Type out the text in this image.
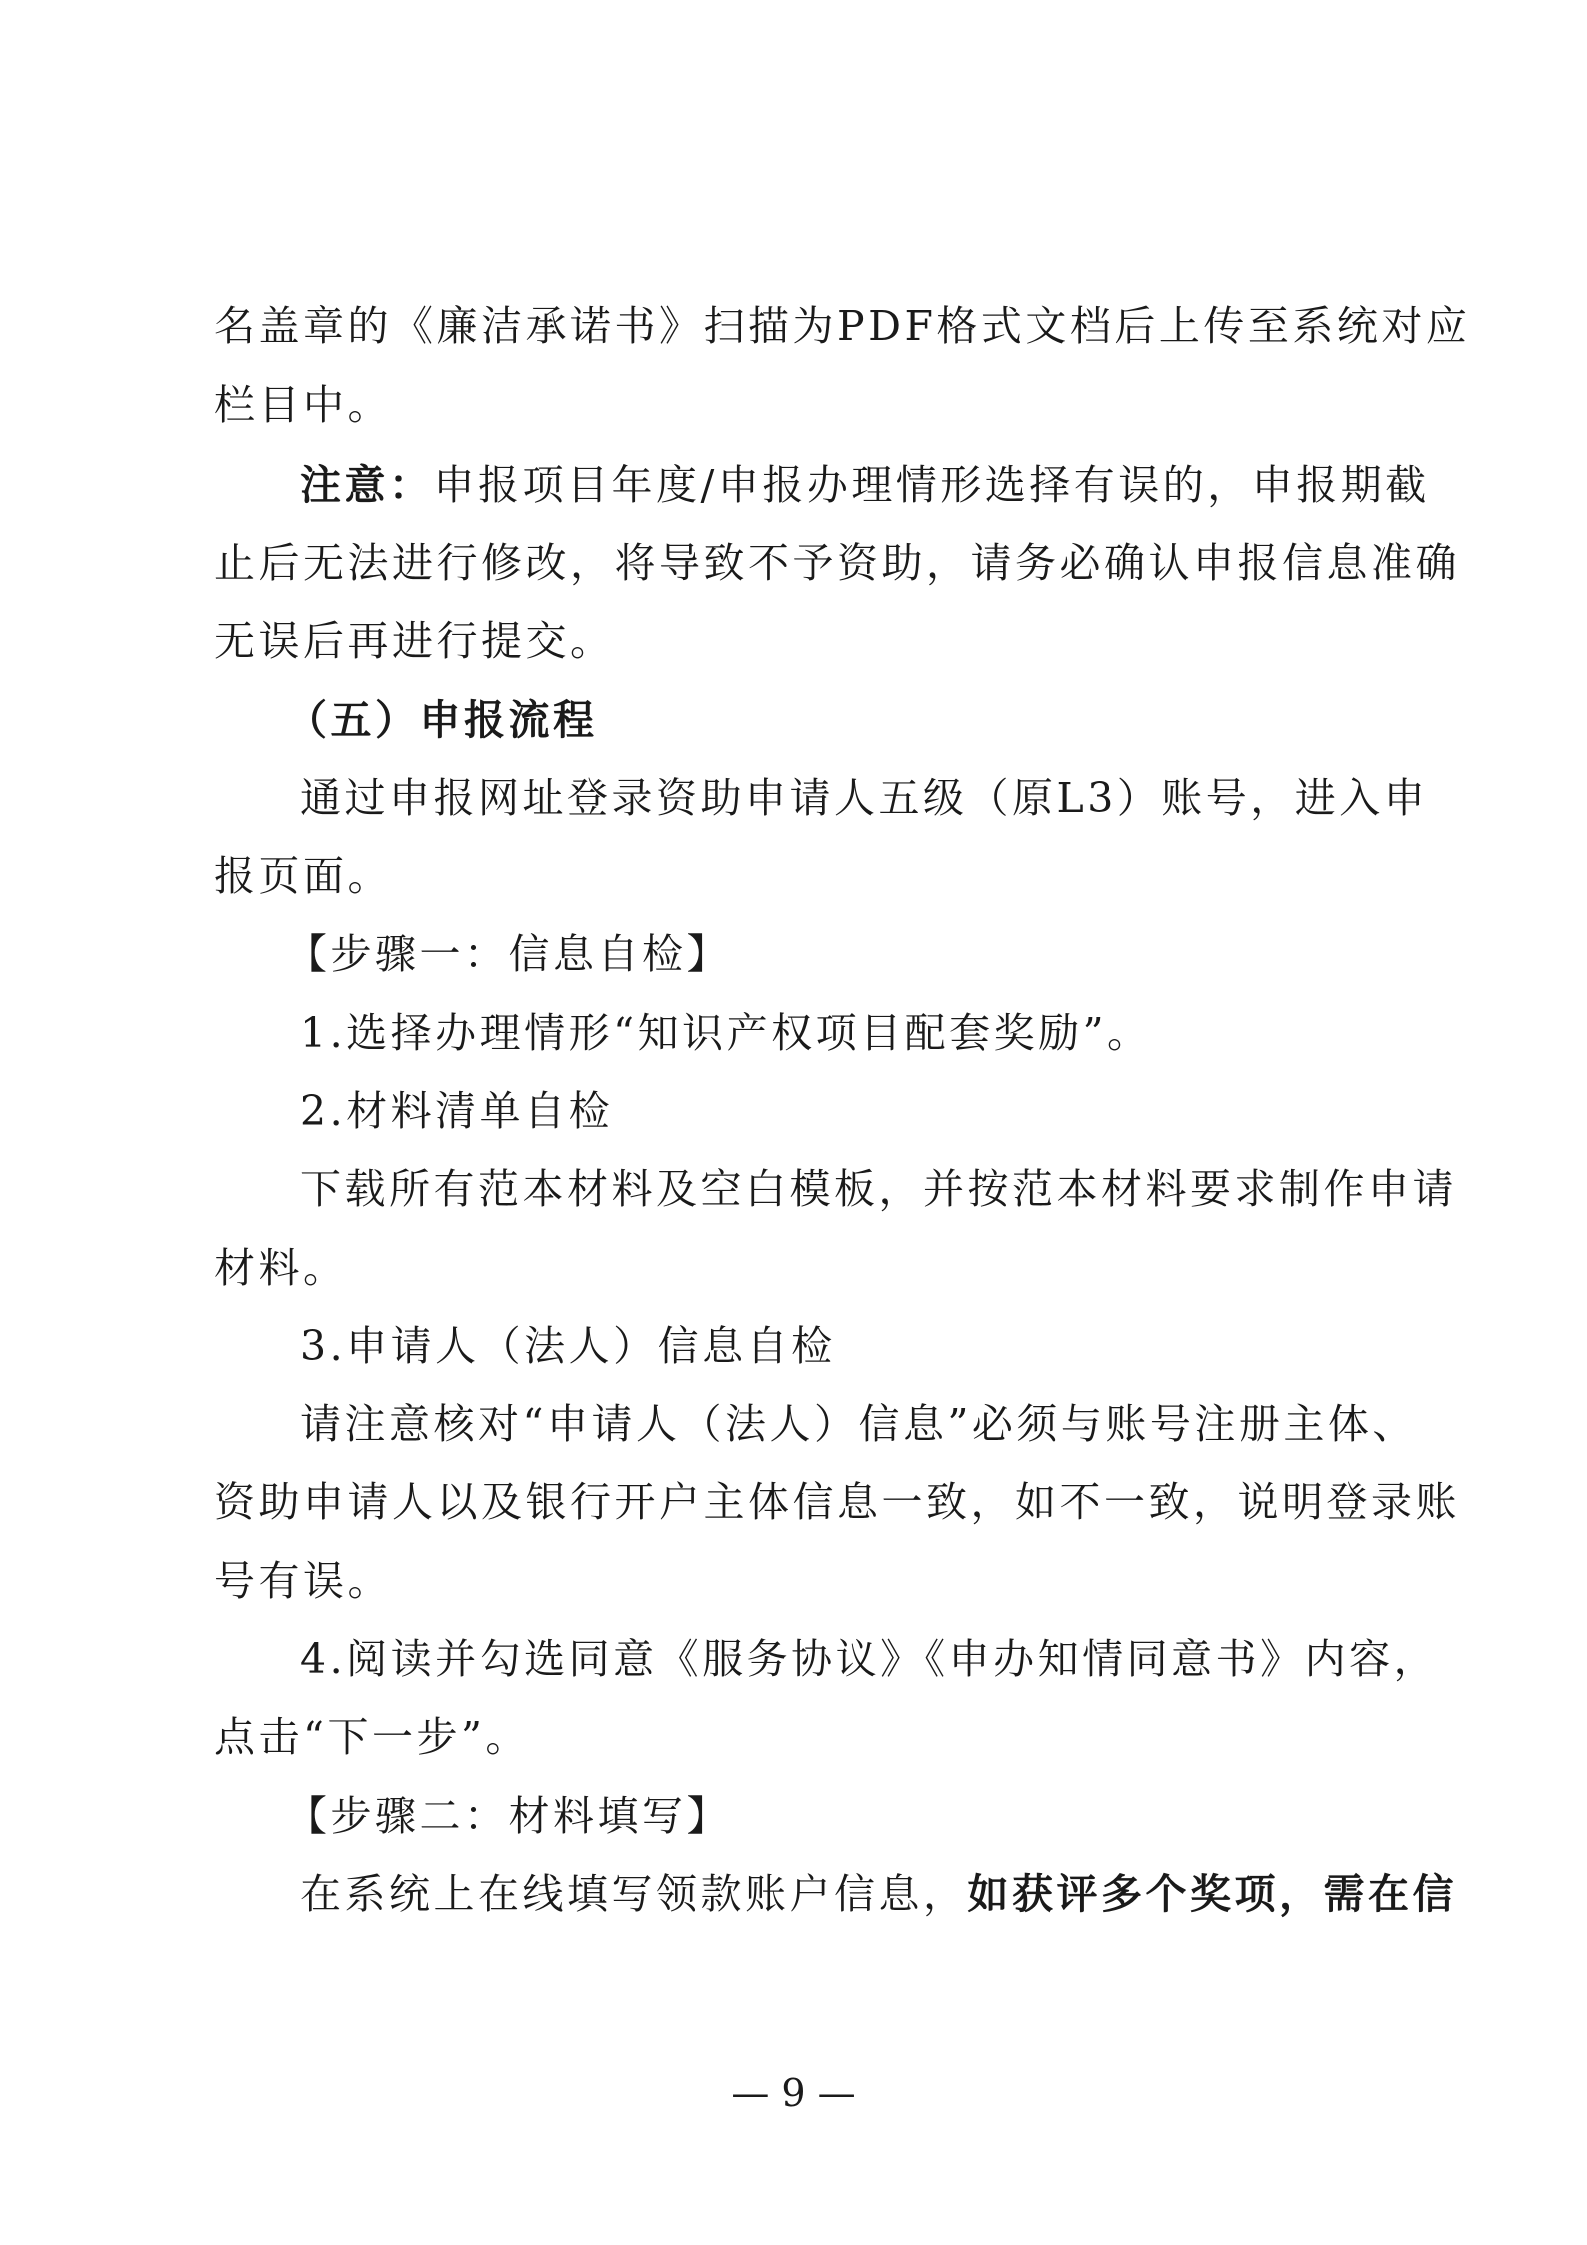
名盖章的《廉洁承诺书》扫描为PDF格式文档后上传至系统对应
栏目中。
注意：申报项目年度/申报办理情形选择有误的，申报期截
止后无法进行修改，将导致不予资助，请务必确认申报信息准确
无误后再进行提交。
（五）申报流程
通过申报网址登录资助申请人五级（原L3）账号，进入申
报页面。
【步骤一：信息自检】
1.选择办理情形“知识产权项目配套奖励”。
2.材料清单自检
下载所有范本材料及空白模板，并按范本材料要求制作申请
材料。
3.申请人（法人）信息自检
请注意核对“申请人（法人）信息”必须与账号注册主体、
资助申请人以及银行开户主体信息一致，如不一致，说明登录账
号有误。
4.阅读并勾选同意《服务协议》《申办知情同意书》内容，
点击“下一步”。
【步骤二：材料填写】
在系统上在线填写领款账户信息，如获评多个奖项，需在信
— 9 —
